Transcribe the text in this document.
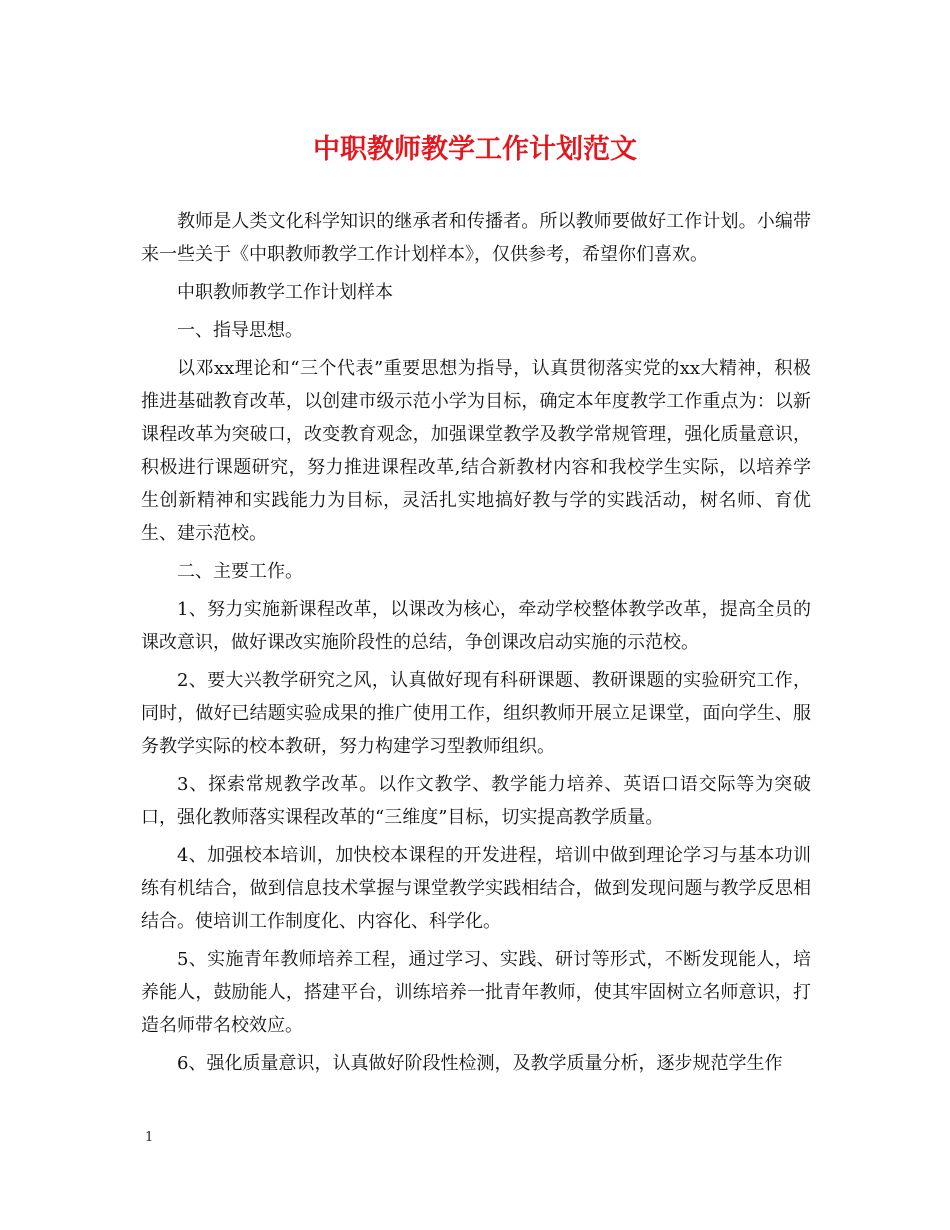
中职教师教学工作计划范文

教师是人类文化科学知识的继承者和传播者。所以教师要做好工作计划。小编带来一些关于《中职教师教学工作计划样本》，仅供参考，希望你们喜欢。

中职教师教学工作计划样本

一、指导思想。

以邓xx理论和“三个代表”重要思想为指导，认真贯彻落实党的xx大精神，积极推进基础教育改革，以创建市级示范小学为目标，确定本年度教学工作重点为：以新课程改革为突破口，改变教育观念，加强课堂教学及教学常规管理，强化质量意识，积极进行课题研究，努力推进课程改革,结合新教材内容和我校学生实际，以培养学生创新精神和实践能力为目标，灵活扎实地搞好教与学的实践活动，树名师、育优生、建示范校。

二、主要工作。

1、努力实施新课程改革，以课改为核心，牵动学校整体教学改革，提高全员的课改意识，做好课改实施阶段性的总结，争创课改启动实施的示范校。

2、要大兴教学研究之风，认真做好现有科研课题、教研课题的实验研究工作，同时，做好已结题实验成果的推广使用工作，组织教师开展立足课堂，面向学生、服务教学实际的校本教研，努力构建学习型教师组织。

3、探索常规教学改革。以作文教学、教学能力培养、英语口语交际等为突破口，强化教师落实课程改革的“三维度”目标，切实提高教学质量。

4、加强校本培训，加快校本课程的开发进程，培训中做到理论学习与基本功训练有机结合，做到信息技术掌握与课堂教学实践相结合，做到发现问题与教学反思相结合。使培训工作制度化、内容化、科学化。

5、实施青年教师培养工程，通过学习、实践、研讨等形式，不断发现能人，培养能人，鼓励能人，搭建平台，训练培养一批青年教师，使其牢固树立名师意识，打造名师带名校效应。

6、强化质量意识，认真做好阶段性检测，及教学质量分析，逐步规范学生作

1
